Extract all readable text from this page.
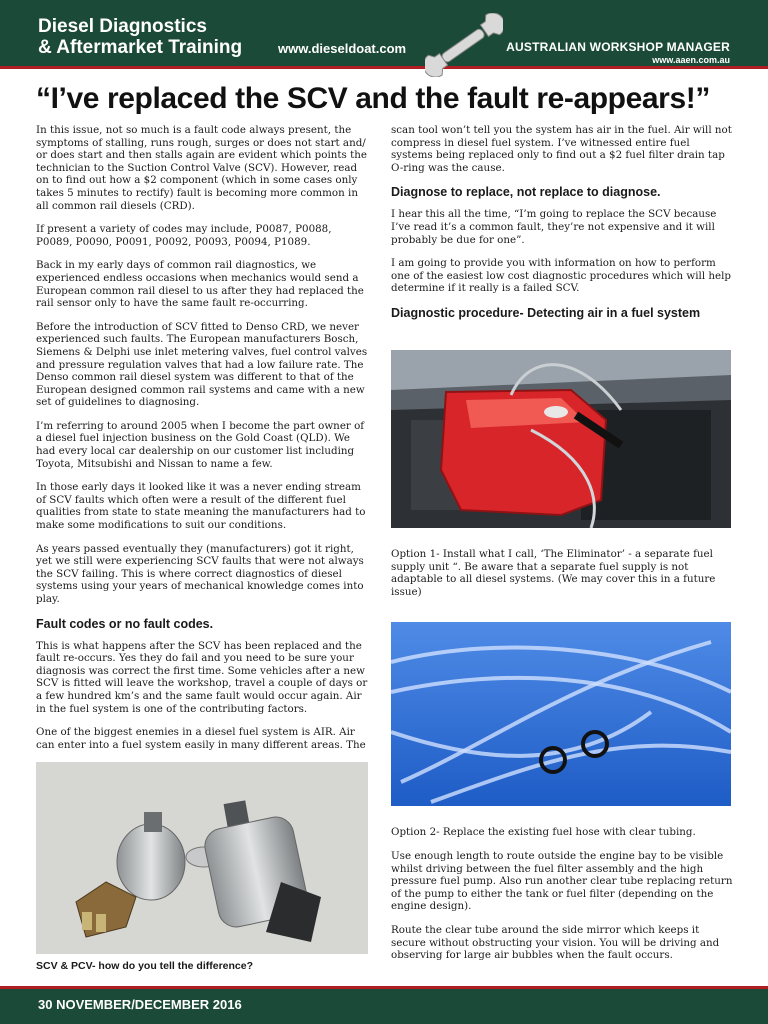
Diesel Diagnostics
& Aftermarket Training	www.dieseldoat.com	AUSTRALIAN WORKSHOP MANAGER
www.aaen.com.au
“I’ve replaced the SCV and the fault re-appears!”

In this issue, not so much is a fault code always present, the symptoms of stalling, runs rough, surges or does not start and/ or does start and then stalls again are evident which points the technician to the Suction Control Valve (SCV). However, read on to find out how a $2 component (which in some cases only takes 5 minutes to rectify) fault is becoming more common in all common rail diesels (CRD).

If present a variety of codes may include, P0087, P0088, P0089, P0090, P0091, P0092, P0093, P0094, P1089.

Back in my early days of common rail diagnostics, we experienced endless occasions when mechanics would send a European common rail diesel to us after they had replaced the rail sensor only to have the same fault re-occurring.

Before the introduction of SCV fitted to Denso CRD, we never experienced such faults. The European manufacturers Bosch, Siemens & Delphi use inlet metering valves, fuel control valves and pressure regulation valves that had a low failure rate. The Denso common rail diesel system was different to that of the European designed common rail systems and came with a new set of guidelines to diagnosing.

I’m referring to around 2005 when I become the part owner of a diesel fuel injection business on the Gold Coast (QLD). We had every local car dealership on our customer list including Toyota, Mitsubishi and Nissan to name a few.

In those early days it looked like it was a never ending stream of SCV faults which often were a result of the different fuel qualities from state to state meaning the manufacturers had to make some modifications to suit our conditions.

As years passed eventually they (manufacturers) got it right, yet we still were experiencing SCV faults that were not always the SCV failing. This is where correct diagnostics of diesel systems using your years of mechanical knowledge comes into play.

Fault codes or no fault codes.

This is what happens after the SCV has been replaced and the fault re-occurs. Yes they do fail and you need to be sure your diagnosis was correct the first time. Some vehicles after a new SCV is fitted will leave the workshop, travel a couple of days or a few hundred km’s and the same fault would occur again. Air in the fuel system is one of the contributing factors.

One of the biggest enemies in a diesel fuel system is AIR. Air can enter into a fuel system easily in many different areas. The

SCV & PCV- how do you tell the difference?

scan tool won’t tell you the system has air in the fuel. Air will not compress in diesel fuel system. I’ve witnessed entire fuel systems being replaced only to find out a $2 fuel filter drain tap O-ring was the cause.

Diagnose to replace, not replace to diagnose.

I hear this all the time, “I’m going to replace the SCV because I’ve read it’s a common fault, they’re not expensive and it will probably be due for one”.

I am going to provide you with information on how to perform one of the easiest low cost diagnostic procedures which will help determine if it really is a failed SCV.

Diagnostic procedure- Detecting air in a fuel system
Option 1- Install what I call, ‘The Eliminator’ - a separate fuel supply unit “. Be aware that a separate fuel supply is not adaptable to all diesel systems. (We may cover this in a future issue)
Option 2- Replace the existing fuel hose with clear tubing.

Use enough length to route outside the engine bay to be visible whilst driving between the fuel filter assembly and the high pressure fuel pump. Also run another clear tube replacing return of the pump to either the tank or fuel filter (depending on the engine design).

Route the clear tube around the side mirror which keeps it secure without obstructing your vision. You will be driving and observing for large air bubbles when the fault occurs.

30 NOVEMBER/DECEMBER 2016
